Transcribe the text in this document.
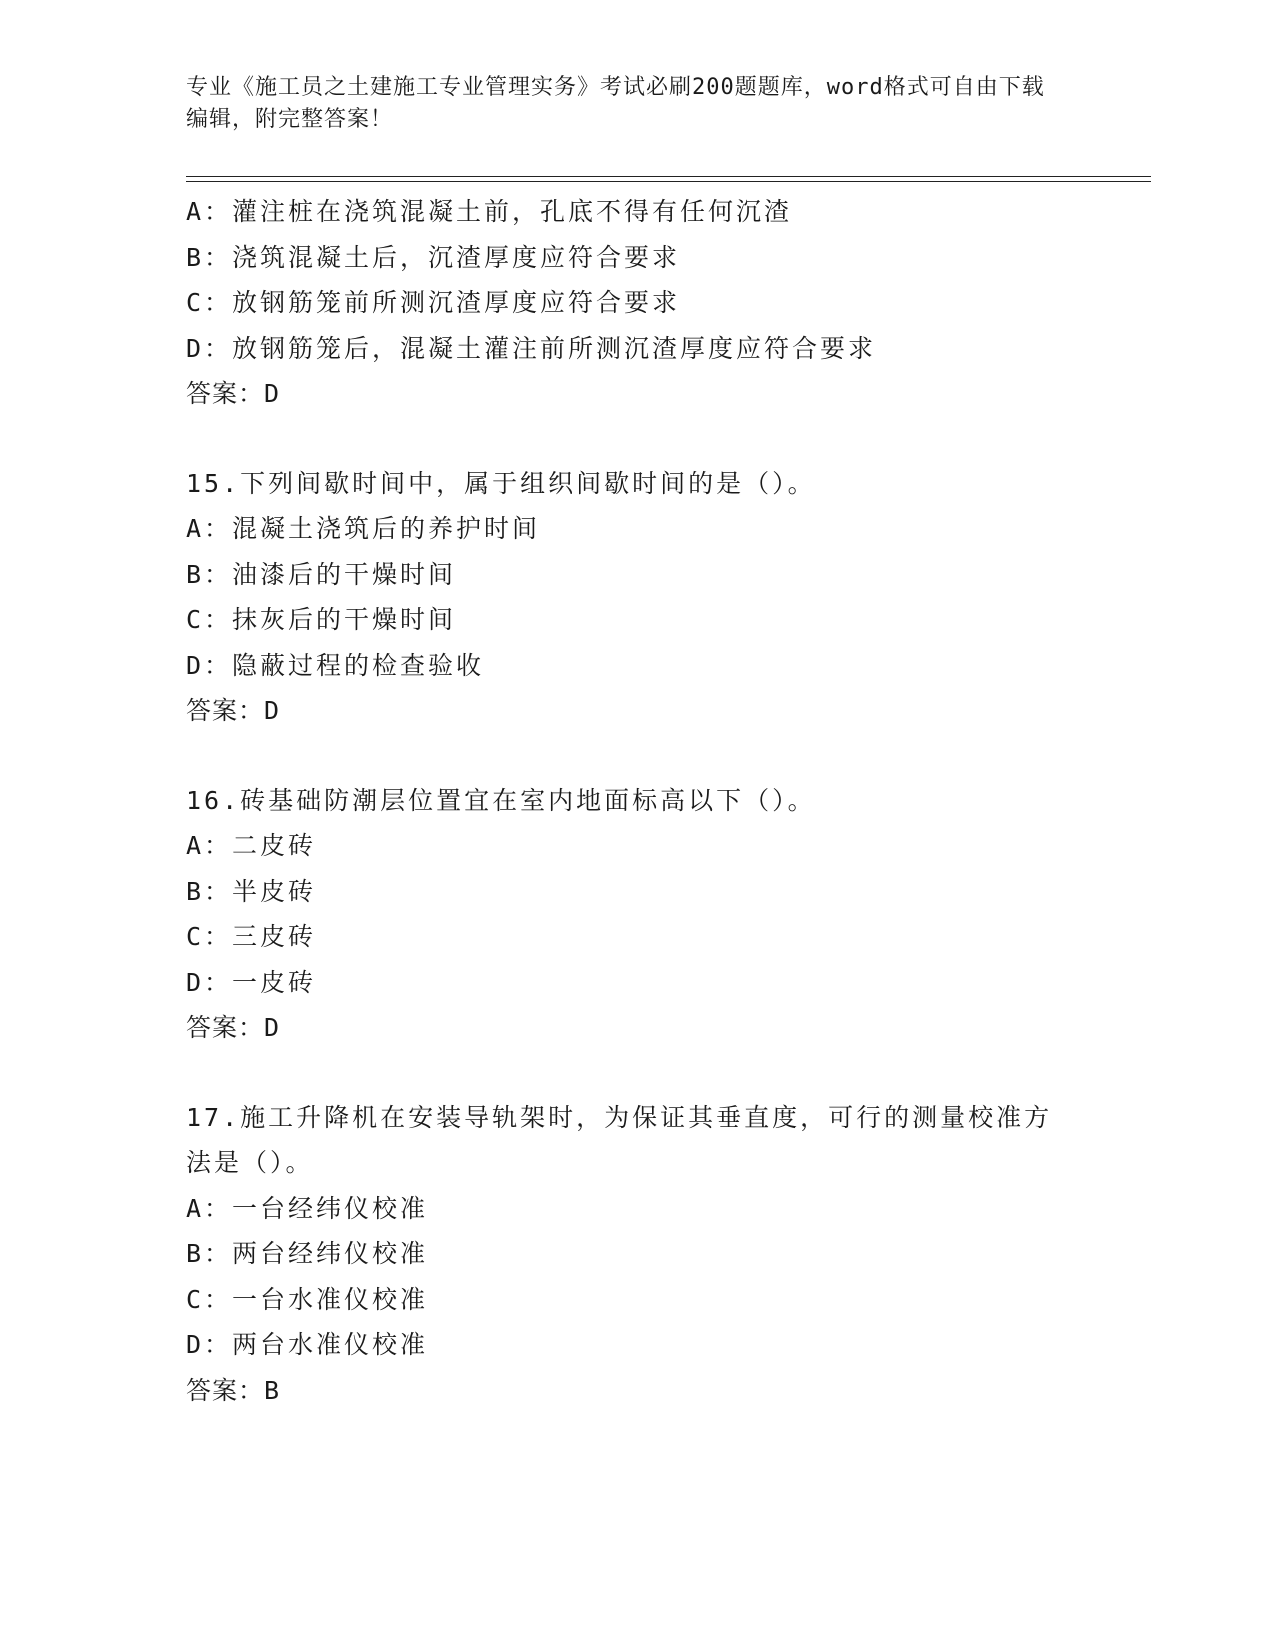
专业《施工员之土建施工专业管理实务》考试必刷200题题库，word格式可自由下载编辑，附完整答案！
A：灌注桩在浇筑混凝土前，孔底不得有任何沉渣
B：浇筑混凝土后，沉渣厚度应符合要求
C：放钢筋笼前所测沉渣厚度应符合要求
D：放钢筋笼后，混凝土灌注前所测沉渣厚度应符合要求
答案：D
15.下列间歇时间中，属于组织间歇时间的是（）。
A：混凝土浇筑后的养护时间
B：油漆后的干燥时间
C：抹灰后的干燥时间
D：隐蔽过程的检查验收
答案：D
16.砖基础防潮层位置宜在室内地面标高以下（）。
A：二皮砖
B：半皮砖
C：三皮砖
D：一皮砖
答案：D
17.施工升降机在安装导轨架时，为保证其垂直度，可行的测量校准方法是（）。
A：一台经纬仪校准
B：两台经纬仪校准
C：一台水准仪校准
D：两台水准仪校准
答案：B
